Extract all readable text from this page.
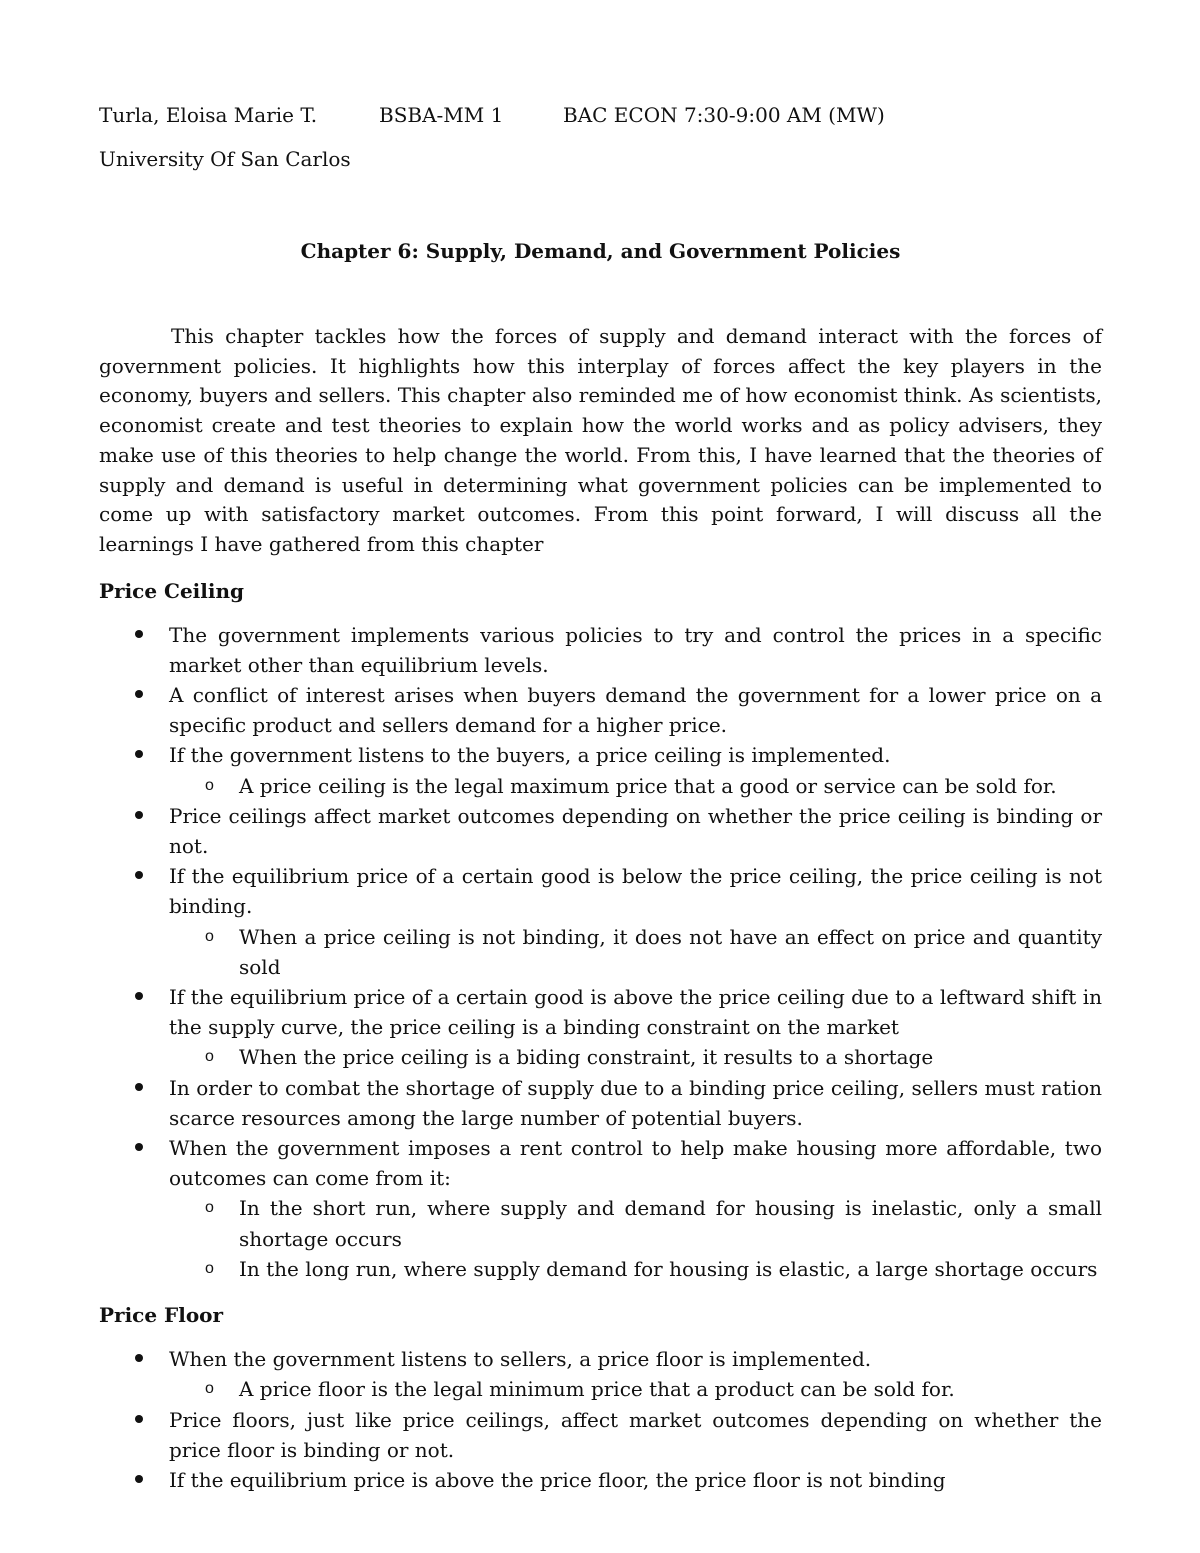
Turla, Eloisa Marie T.	BSBA-MM 1	BAC ECON 7:30-9:00 AM (MW)
University Of San Carlos
Chapter 6: Supply, Demand, and Government Policies

This chapter tackles how the forces of supply and demand interact with the forces of government policies. It highlights how this interplay of forces affect the key players in the economy, buyers and sellers. This chapter also reminded me of how economist think. As scientists, economist create and test theories to explain how the world works and as policy advisers, they make use of this theories to help change the world. From this, I have learned that the theories of supply and demand is useful in determining what government policies can be implemented to come up with satisfactory market outcomes. From this point forward, I will discuss all the learnings I have gathered from this chapter

Price Ceiling
The government implements various policies to try and control the prices in a specific market other than equilibrium levels.
A conflict of interest arises when buyers demand the government for a lower price on a specific product and sellers demand for a higher price.
If the government listens to the buyers, a price ceiling is implemented.
o A price ceiling is the legal maximum price that a good or service can be sold for.
Price ceilings affect market outcomes depending on whether the price ceiling is binding or not.
If the equilibrium price of a certain good is below the price ceiling, the price ceiling is not binding.
o When a price ceiling is not binding, it does not have an effect on price and quantity sold
If the equilibrium price of a certain good is above the price ceiling due to a leftward shift in the supply curve, the price ceiling is a binding constraint on the market
o When the price ceiling is a biding constraint, it results to a shortage
In order to combat the shortage of supply due to a binding price ceiling, sellers must ration scarce resources among the large number of potential buyers.
When the government imposes a rent control to help make housing more affordable, two outcomes can come from it:
o In the short run, where supply and demand for housing is inelastic, only a small shortage occurs
o In the long run, where supply demand for housing is elastic, a large shortage occurs
Price Floor
When the government listens to sellers, a price floor is implemented.
o A price floor is the legal minimum price that a product can be sold for.
Price floors, just like price ceilings, affect market outcomes depending on whether the price floor is binding or not.
If the equilibrium price is above the price floor, the price floor is not binding
